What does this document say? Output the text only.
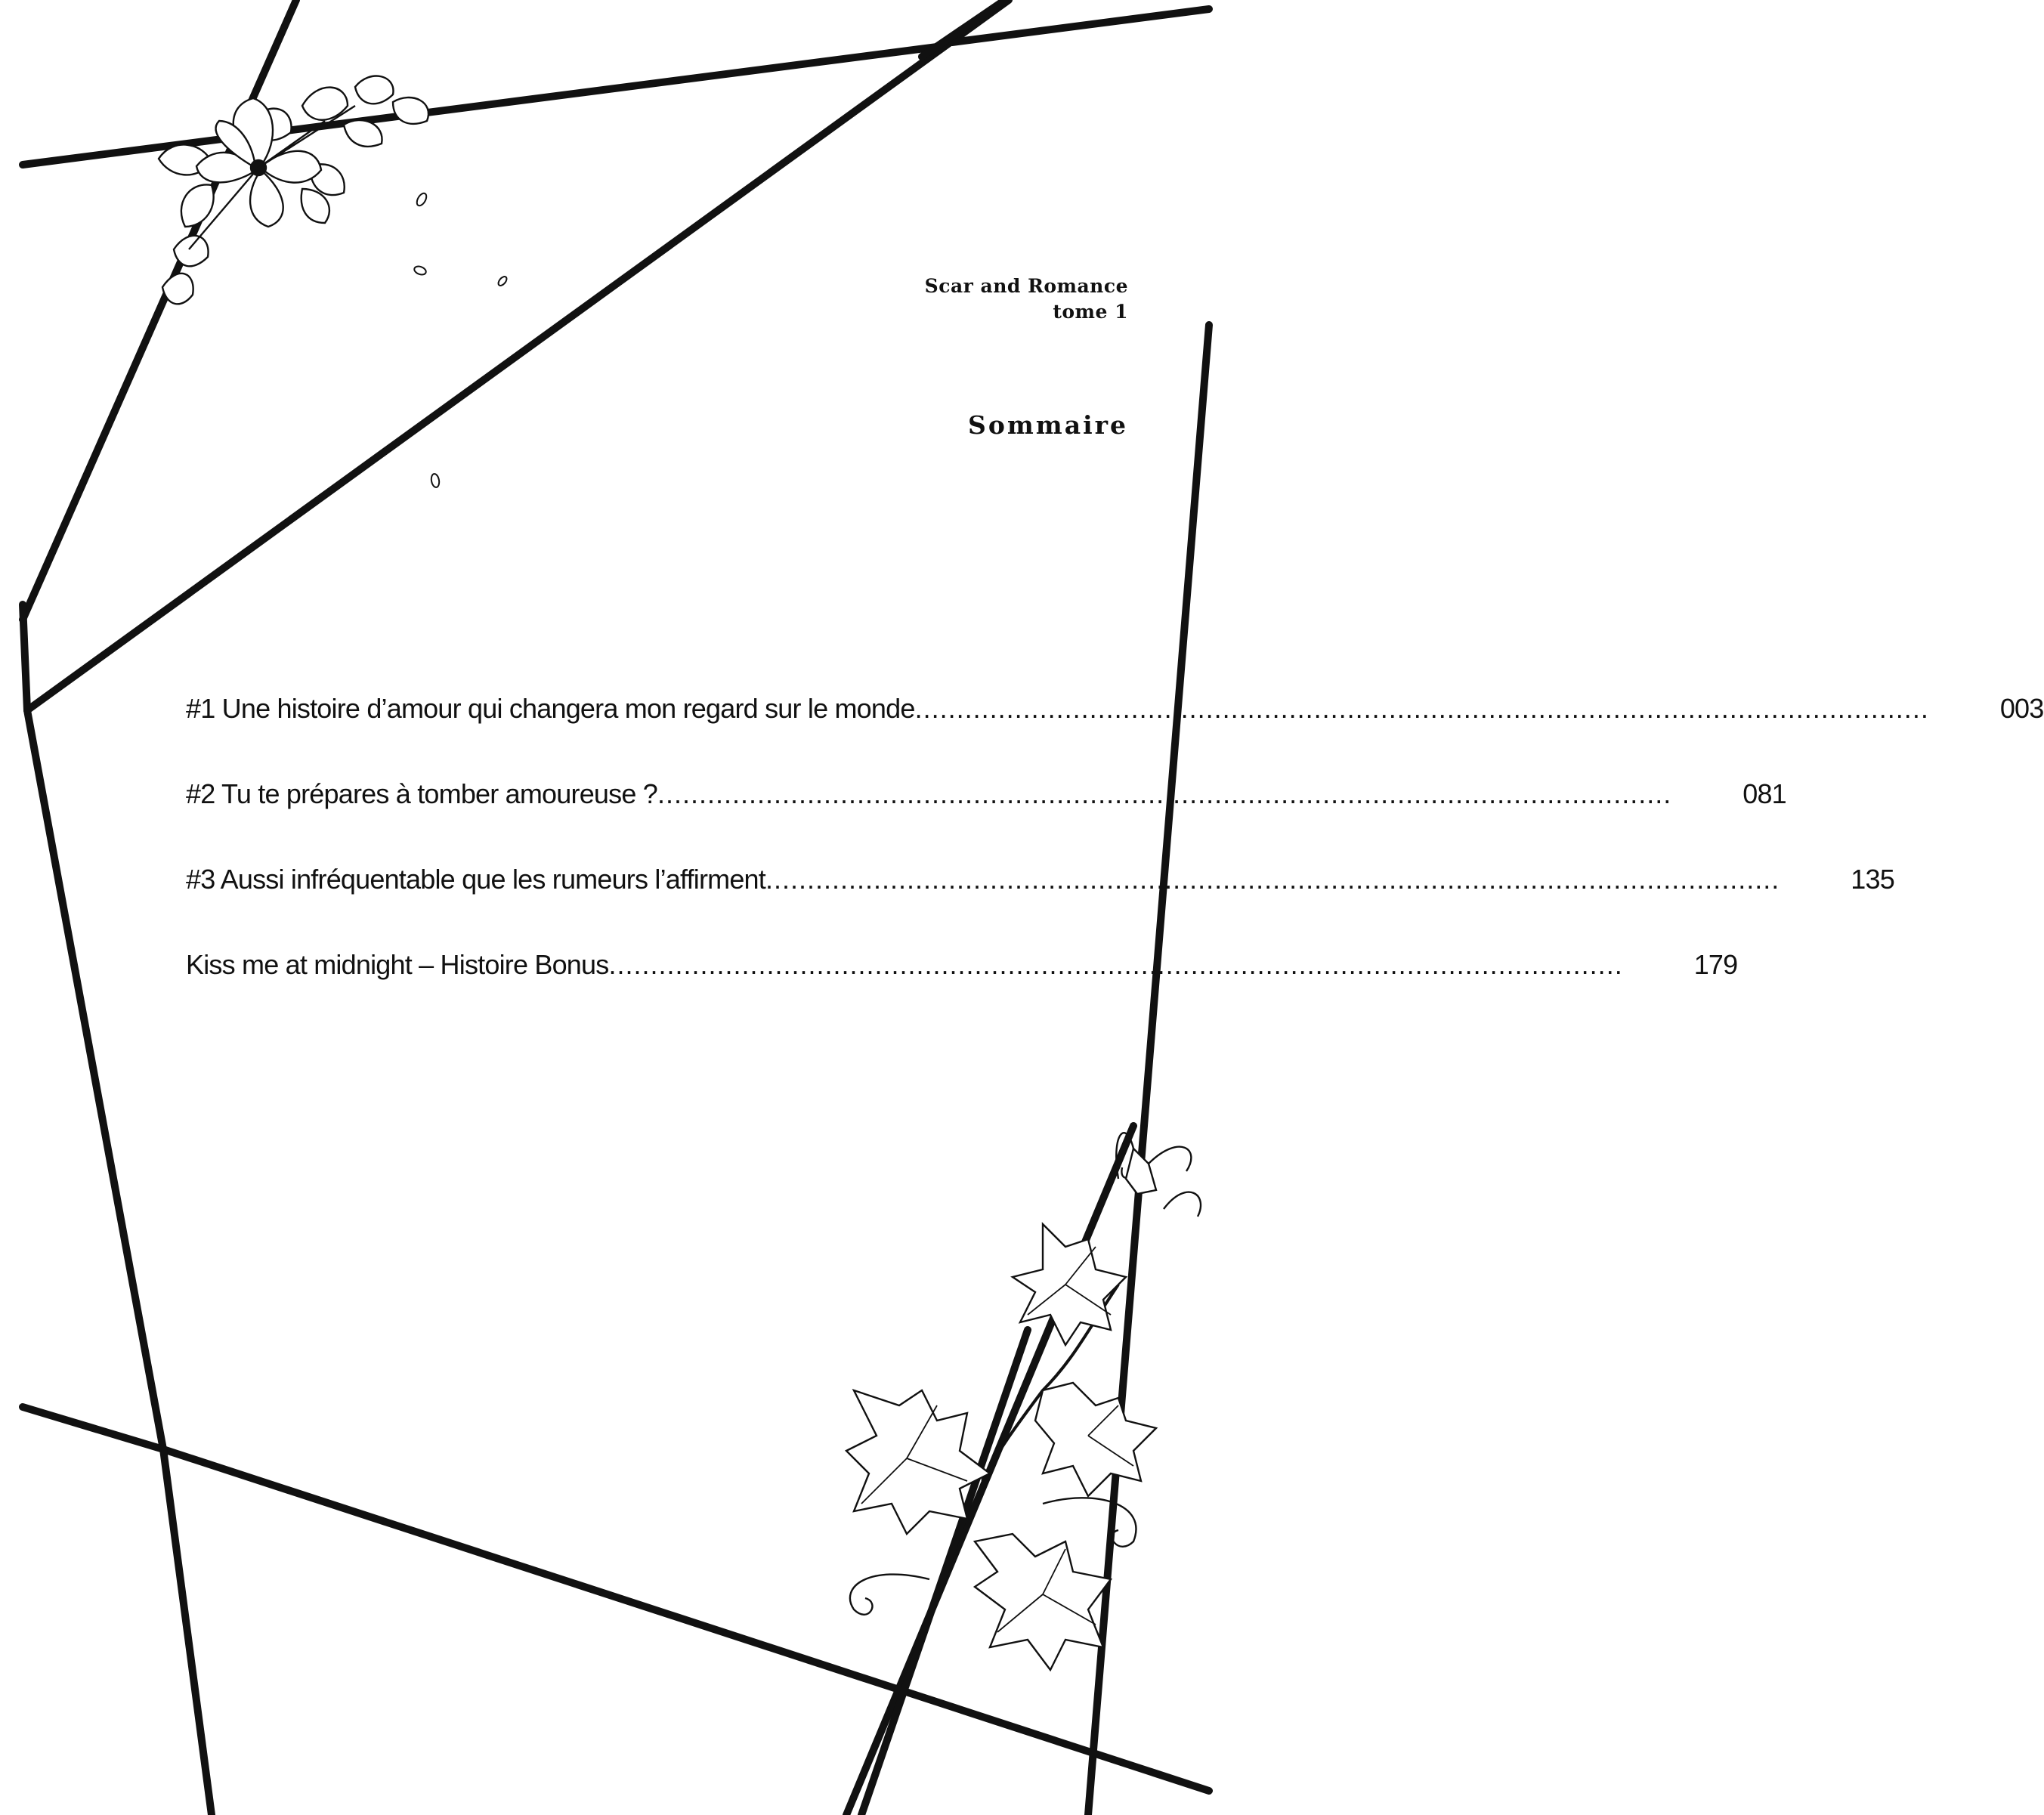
Scar and Romance
tome 1
Sommaire
#1 Une histoire d’amour qui changera mon regard sur le monde ..........................................................................................................................	003
#2 Tu te prépares à tomber amoureuse ? ..........................................................................................................................	081
#3 Aussi infréquentable que les rumeurs l’affirment ..........................................................................................................................	135
Kiss me at midnight – Histoire Bonus ..........................................................................................................................	179
